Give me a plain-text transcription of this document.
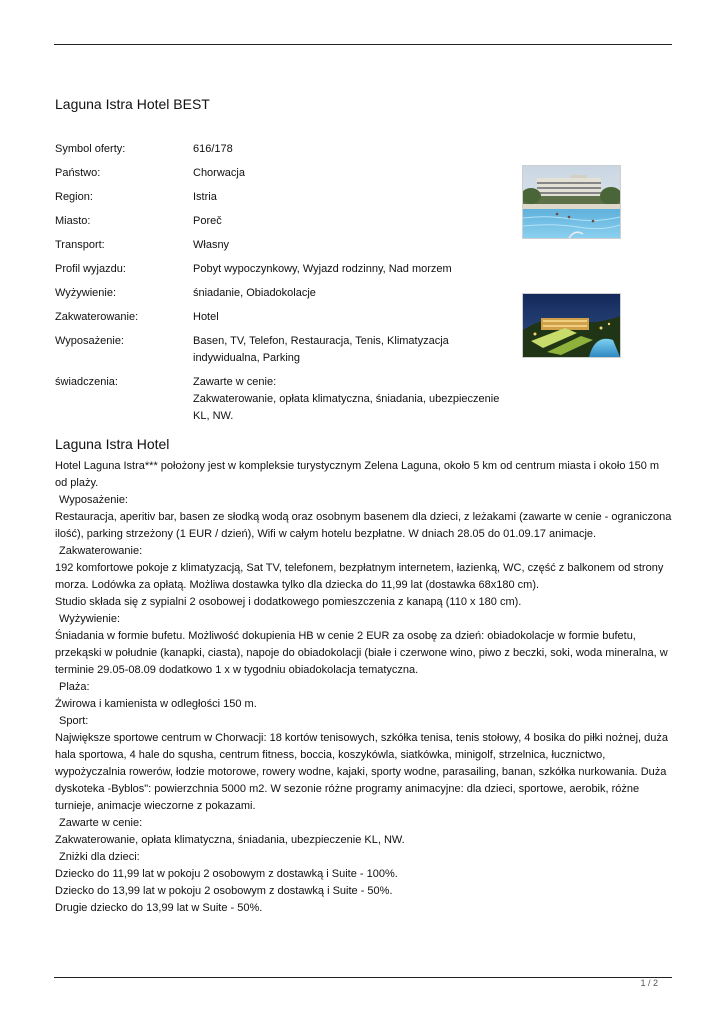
Laguna Istra Hotel BEST
Symbol oferty:	616/178
Państwo:	Chorwacja
Region:	Istria
Miasto:	Poreč
Transport:	Własny
Profil wyjazdu:	Pobyt wypoczynkowy, Wyjazd rodzinny, Nad morzem
Wyżywienie:	śniadanie, Obiadokolacje
Zakwaterowanie:	Hotel
Wyposażenie:	Basen, TV, Telefon, Restauracja, Tenis, Klimatyzacja indywidualna, Parking
świadczenia:	Zawarte w cenie:
Zakwaterowanie, opłata klimatyczna, śniadania, ubezpieczenie KL, NW.
Laguna Istra Hotel

Hotel Laguna Istra*** położony jest w kompleksie turystycznym Zelena Laguna, około 5 km od centrum miasta i około 150 m od plaży.

Wyposażenie:

Restauracja, aperitiv bar, basen ze słodką wodą oraz osobnym basenem dla dzieci, z leżakami (zawarte w cenie - ograniczona ilość), parking strzeżony (1 EUR / dzień), Wifi w całym hotelu bezpłatne. W dniach 28.05 do 01.09.17 animacje.

Zakwaterowanie:

192 komfortowe pokoje z klimatyzacją, Sat TV, telefonem, bezpłatnym internetem, łazienką, WC, część z balkonem od strony morza. Lodówka za opłatą. Możliwa dostawka tylko dla dziecka do 11,99 lat (dostawka 68x180 cm).

Studio składa się z sypialni 2 osobowej i dodatkowego pomieszczenia z kanapą (110 x 180 cm).

Wyżywienie:

Śniadania w formie bufetu. Możliwość dokupienia HB w cenie 2 EUR za osobę za dzień: obiadokolacje w formie bufetu, przekąski w południe (kanapki, ciasta), napoje do obiadokolacji (białe i czerwone wino, piwo z beczki, soki, woda mineralna, w terminie 29.05-08.09 dodatkowo 1 x w tygodniu obiadokolacja tematyczna.

Plaża:

Żwirowa i kamienista w odległości 150 m.

Sport:

Największe sportowe centrum w Chorwacji: 18 kortów tenisowych, szkółka tenisa, tenis stołowy, 4 bosika do piłki nożnej, duża hala sportowa, 4 hale do squsha, centrum fitness, boccia, koszykówla, siatkówka, minigolf, strzelnica, łucznictwo, wypożyczalnia rowerów, łodzie motorowe, rowery wodne, kajaki, sporty wodne, parasailing, banan, szkółka nurkowania. Duża dyskoteka -Byblos": powierzchnia 5000 m2. W sezonie różne programy animacyjne: dla dzieci, sportowe, aerobik, różne turnieje, animacje wieczorne z pokazami.

Zawarte w cenie:

Zakwaterowanie, opłata klimatyczna, śniadania, ubezpieczenie KL, NW.

Zniżki dla dzieci:

Dziecko do 11,99 lat w pokoju 2 osobowym z dostawką i Suite - 100%.

Dziecko do 13,99 lat w pokoju 2 osobowym z dostawką i Suite - 50%.

Drugie dziecko do 13,99 lat w Suite - 50%.

1 / 2
